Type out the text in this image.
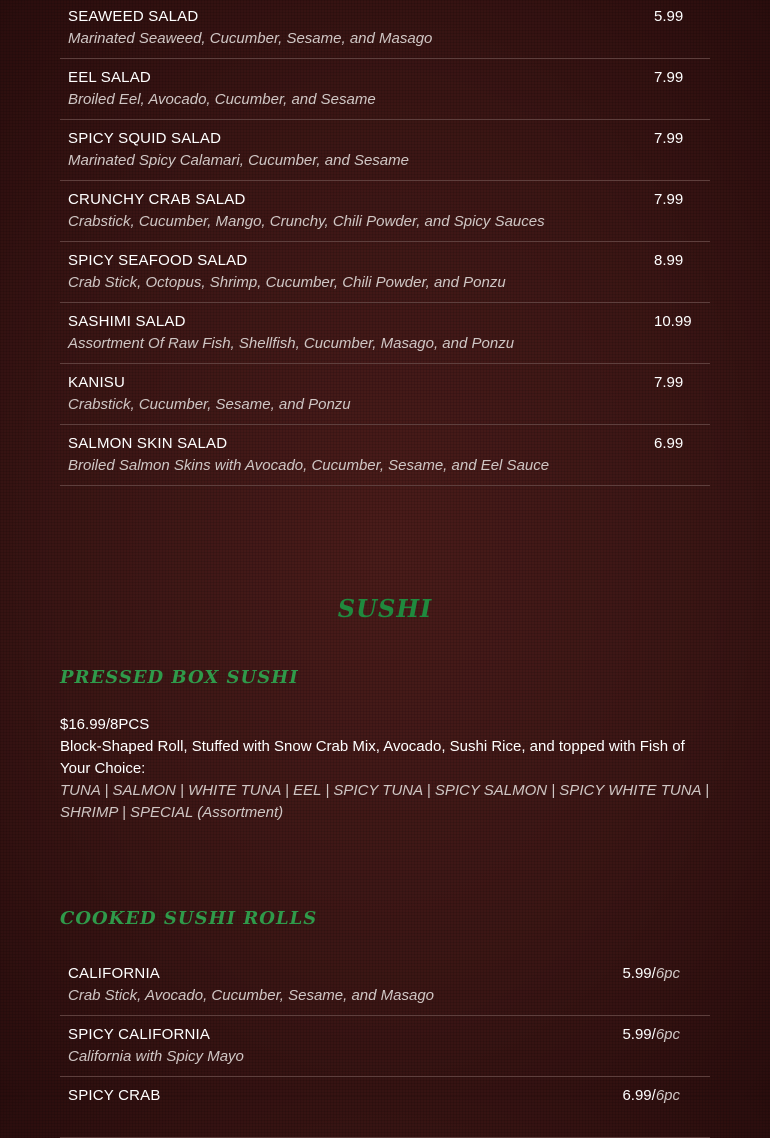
SEAWEED SALAD
Marinated Seaweed, Cucumber, Sesame, and Masago
5.99
EEL SALAD
Broiled Eel, Avocado, Cucumber, and Sesame
7.99
SPICY SQUID SALAD
Marinated Spicy Calamari, Cucumber, and Sesame
7.99
CRUNCHY CRAB SALAD
Crabstick, Cucumber, Mango, Crunchy, Chili Powder, and Spicy Sauces
7.99
SPICY SEAFOOD SALAD
Crab Stick, Octopus, Shrimp, Cucumber, Chili Powder, and Ponzu
8.99
SASHIMI SALAD
Assortment Of Raw Fish, Shellfish, Cucumber, Masago, and Ponzu
10.99
KANISU
Crabstick, Cucumber, Sesame, and Ponzu
7.99
SALMON SKIN SALAD
Broiled Salmon Skins with Avocado, Cucumber, Sesame, and Eel Sauce
6.99
SUSHI
PRESSED BOX SUSHI

$16.99/8PCS

Block-Shaped Roll, Stuffed with Snow Crab Mix, Avocado, Sushi Rice, and topped with Fish of Your Choice:

TUNA | SALMON | WHITE TUNA | EEL | SPICY TUNA | SPICY SALMON | SPICY WHITE TUNA | SHRIMP | SPECIAL (Assortment)

COOKED SUSHI ROLLS
CALIFORNIA
Crab Stick, Avocado, Cucumber, Sesame, and Masago
5.99/6pc
SPICY CALIFORNIA
California with Spicy Mayo
5.99/6pc
SPICY CRAB	6.99/6pc
